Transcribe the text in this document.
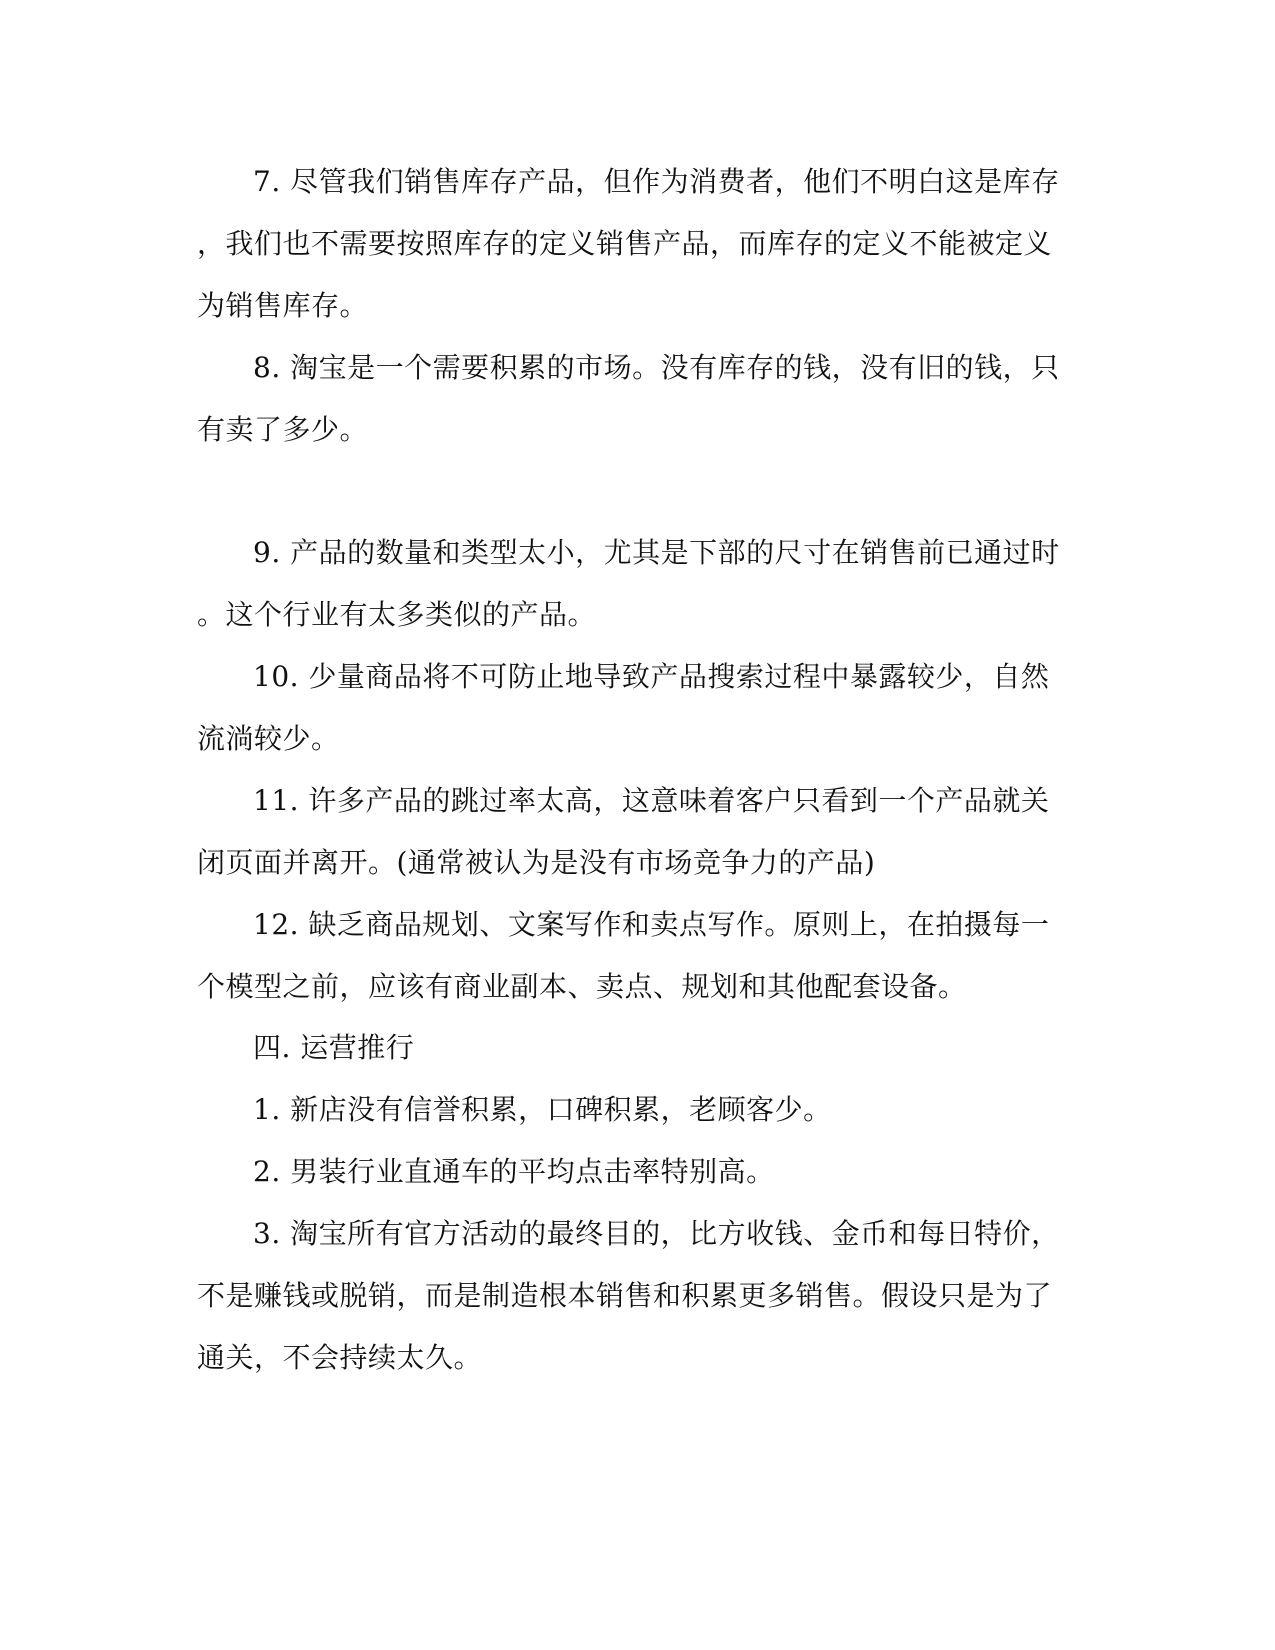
7. 尽管我们销售库存产品，但作为消费者，他们不明白这是库存
，我们也不需要按照库存的定义销售产品，而库存的定义不能被定义
为销售库存。
8. 淘宝是一个需要积累的市场。没有库存的钱，没有旧的钱，只
有卖了多少。
9. 产品的数量和类型太小，尤其是下部的尺寸在销售前已通过时
。这个行业有太多类似的产品。
10. 少量商品将不可防止地导致产品搜索过程中暴露较少，自然
流淌较少。
11. 许多产品的跳过率太高，这意味着客户只看到一个产品就关
闭页面并离开。(通常被认为是没有市场竞争力的产品)
12. 缺乏商品规划、文案写作和卖点写作。原则上，在拍摄每一
个模型之前，应该有商业副本、卖点、规划和其他配套设备。
四. 运营推行
1. 新店没有信誉积累，口碑积累，老顾客少。
2. 男装行业直通车的平均点击率特别高。
3. 淘宝所有官方活动的最终目的，比方收钱、金币和每日特价，
不是赚钱或脱销，而是制造根本销售和积累更多销售。假设只是为了
通关，不会持续太久。
